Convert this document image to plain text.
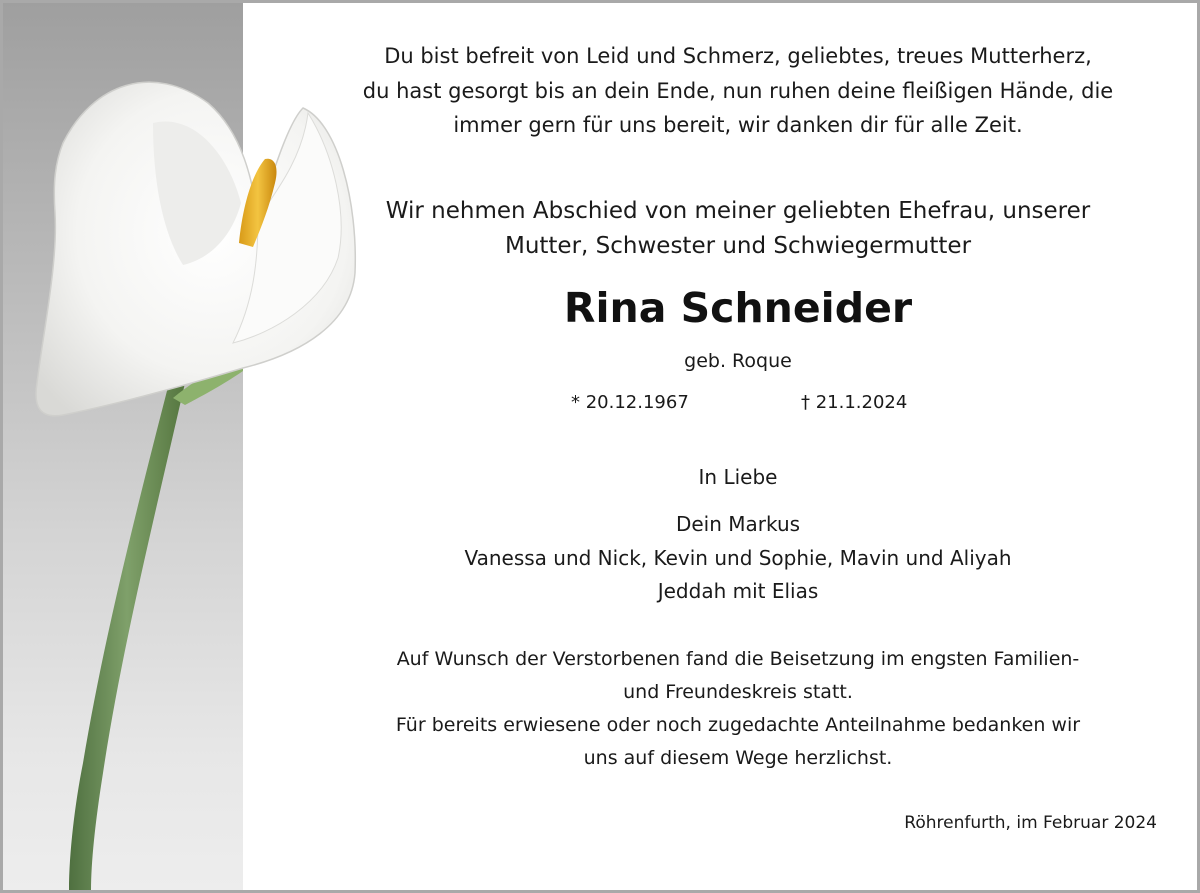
Du bist befreit von Leid und Schmerz, geliebtes, treues Mutterherz,
du hast gesorgt bis an dein Ende, nun ruhen deine fleißigen Hände, die
immer gern für uns bereit, wir danken dir für alle Zeit.
Wir nehmen Abschied von meiner geliebten Ehefrau, unserer
Mutter, Schwester und Schwiegermutter
Rina Schneider
geb. Roque
* 20.12.1967	† 21.1.2024
In Liebe
Dein Markus
Vanessa und Nick, Kevin und Sophie, Mavin und Aliyah
Jeddah mit Elias
Auf Wunsch der Verstorbenen fand die Beisetzung im engsten Familien-
und Freundeskreis statt.
Für bereits erwiesene oder noch zugedachte Anteilnahme bedanken wir
uns auf diesem Wege herzlichst.
Röhrenfurth, im Februar 2024
